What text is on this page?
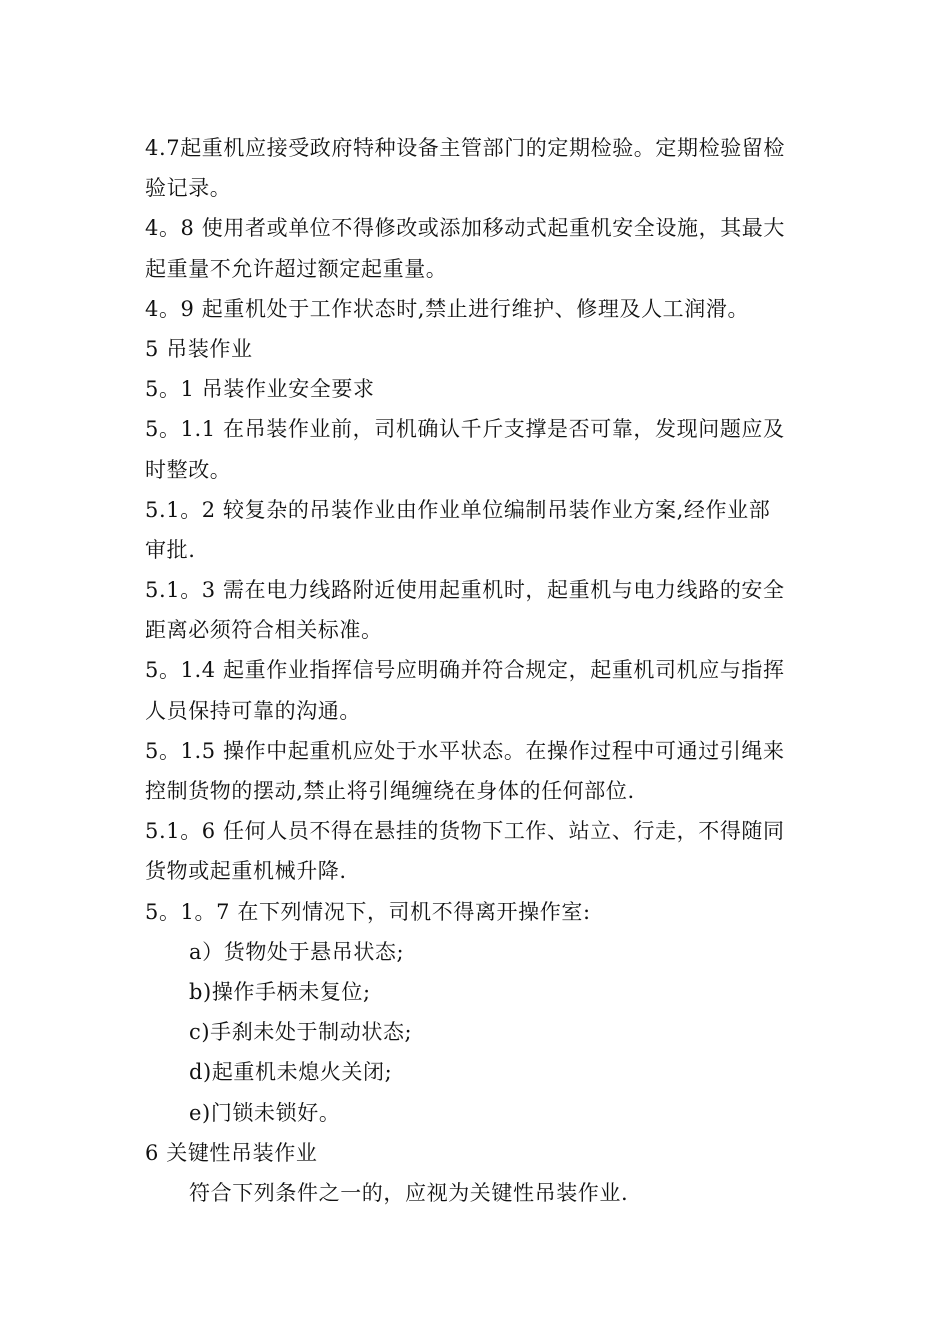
4.7起重机应接受政府特种设备主管部门的定期检验。定期检验留检
验记录。
4。8 使用者或单位不得修改或添加移动式起重机安全设施，其最大
起重量不允许超过额定起重量。
4。9 起重机处于工作状态时,禁止进行维护、修理及人工润滑。
5 吊装作业
5。1 吊装作业安全要求
5。1.1 在吊装作业前，司机确认千斤支撑是否可靠，发现问题应及
时整改。
5.1。2 较复杂的吊装作业由作业单位编制吊装作业方案,经作业部
审批.
5.1。3 需在电力线路附近使用起重机时，起重机与电力线路的安全
距离必须符合相关标准。
5。1.4 起重作业指挥信号应明确并符合规定，起重机司机应与指挥
人员保持可靠的沟通。
5。1.5 操作中起重机应处于水平状态。在操作过程中可通过引绳来
控制货物的摆动,禁止将引绳缠绕在身体的任何部位.
5.1。6 任何人员不得在悬挂的货物下工作、站立、行走，不得随同
货物或起重机械升降.
5。1。7 在下列情况下，司机不得离开操作室:
a）货物处于悬吊状态;
b)操作手柄未复位;
c)手刹未处于制动状态;
d)起重机未熄火关闭;
e)门锁未锁好。
6 关键性吊装作业
符合下列条件之一的，应视为关键性吊装作业.
